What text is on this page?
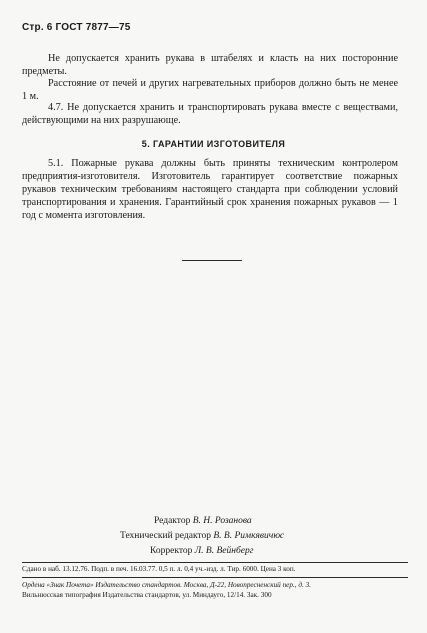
Стр. 6 ГОСТ 7877—75

Не допускается хранить рукава в штабелях и класть на них посторонние предметы.

Расстояние от печей и других нагревательных приборов должно быть не менее 1 м.

4.7. Не допускается хранить и транспортировать рукава вместе с веществами, действующими на них разрушающе.

5. ГАРАНТИИ ИЗГОТОВИТЕЛЯ

5.1. Пожарные рукава должны быть приняты техническим контролером предприятия-изготовителя. Изготовитель гарантирует соответствие пожарных рукавов техническим требованиям настоящего стандарта при соблюдении условий транспортирования и хранения. Гарантийный срок хранения пожарных рукавов — 1 год с момента изготовления.

Редактор В. Н. Розанова
Технический редактор В. В. Римкявичюс
Корректор Л. В. Вейнберг
Сдано в наб. 13.12.76. Подп. в печ. 16.03.77. 0,5 п. л. 0,4 уч.-изд. л. Тир. 6000. Цена 3 коп.
Ордена «Знак Почета» Издательство стандартов. Москва, Д-22, Новопресненский пер., д. 3.
Вильнюсская типография Издательства стандартов, ул. Миндауго, 12/14. Зак. 300
